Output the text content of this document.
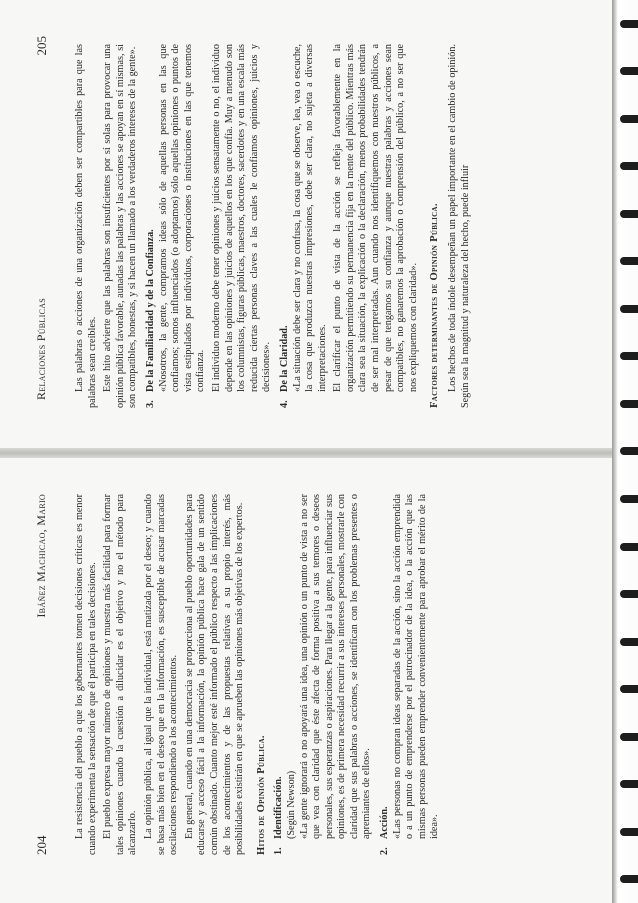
204
Ibáñez Machicao, Mario	La resistencia del pueblo a que los gobernantes tomen decisiones críticas es menor cuando experimenta la sensación de que él participa en tales decisiones. El pueblo expresa mayor número de opiniones y muestra más facilidad para formar tales opiniones cuando la cuestión a dilucidar es el objetivo y no el método para alcanzarlo. La opinión pública, al igual que la individual, está matizada por el deseo; y cuando se basa más bien en el deseo que en la información, es susceptible de acusar marcadas oscilaciones respondiendo a los acontecimientos. En general, cuando en una democracia se proporciona al pueblo oportunidades para educarse y acceso fácil a la información, la opinión pública hace gala de un sentido común obstinado. Cuanto mejor esté informado el público respecto a las implicaciones de los acontecimientos y de las propuestas relativas a su propio interés, más posibilidades existirán en que se aprueben las opiniones más objetivas de los expertos. Hitos de Opinión Pública. 1.
Identificación. (Según Newson) «La gente ignorará o no apoyará una idea, una opinión o un punto de vista a no ser que vea con claridad que éste afecta de forma positiva a sus temores o deseos personales, sus esperanzas o aspiraciones. Para llegar a la gente, para influenciar sus opiniones, es de primera necesidad recurrir a sus intereses personales, mostrarle con claridad que sus palabras o acciones, se identifican con los problemas presentes o apremiantes de ellos».

2.
Acción. «Las personas no compran ideas separadas de la acción, sino la acción emprendida o a un punto de emprenderse por el patrocinador de la idea, o la acción que las mismas personas pueden emprender convenientemente para aprobar el mérito de la idea».

Relaciones Públicas
205 Las palabras o acciones de una organización deben ser compartibles para que las palabras sean creíbles. Este hito advierte que las palabras son insuficientes por sí solas para provocar una opinión pública favorable, aunadas las palabras y las acciones se apoyan en sí mismas, si son compatibles, honestas, y si hacen un llamado a los verdaderos intereses de la gente». 3.
De la Familiaridad y de la Confianza. «Nosotros, la gente, compramos ideas sólo de aquellas personas en las que confiamos; somos influenciados (o adoptamos) sólo aquellas opiniones o puntos de vista estipulados por individuos, corporaciones o instituciones en las que tenemos confianza. El individuo moderno debe tener opiniones y juicios sensatamente o no, el individuo depende en las opiniones y juicios de aquellos en los que confía. Muy a menudo son los columnistas, figuras públicas, maestros, doctores, sacerdotes y en una escala más reducida ciertas personas claves a las cuales le confiamos opiniones, juicios y decisiones».

4.
De la Claridad. «La situación debe ser clara y no confusa, la cosa que se observe, lea, vea o escuche, la cosa que produzca nuestras impresiones, debe ser clara, no sujeta a diversas interpretaciones. El clarificar el punto de vista de la acción se refleja favorablemente en la organización permitiendo su permanencia fija en la mente del público. Mientras más clara sea la situación, la explicación o la declaración, menos probabilidades tendrán de ser mal interpretadas. Aun cuando nos identifiquemos con nuestros públicos, a pesar de que tengamos su confianza y aunque nuestras palabras y acciones sean compatibles, no ganaremos la aprobación o comprensión del público, a no ser que nos expliquemos con claridad». Factores determinantes de Opinión Pública. Los hechos de toda índole desempeñan un papel importante en el cambio de opinión. Según sea la magnitud y naturaleza del hecho, puede influir
